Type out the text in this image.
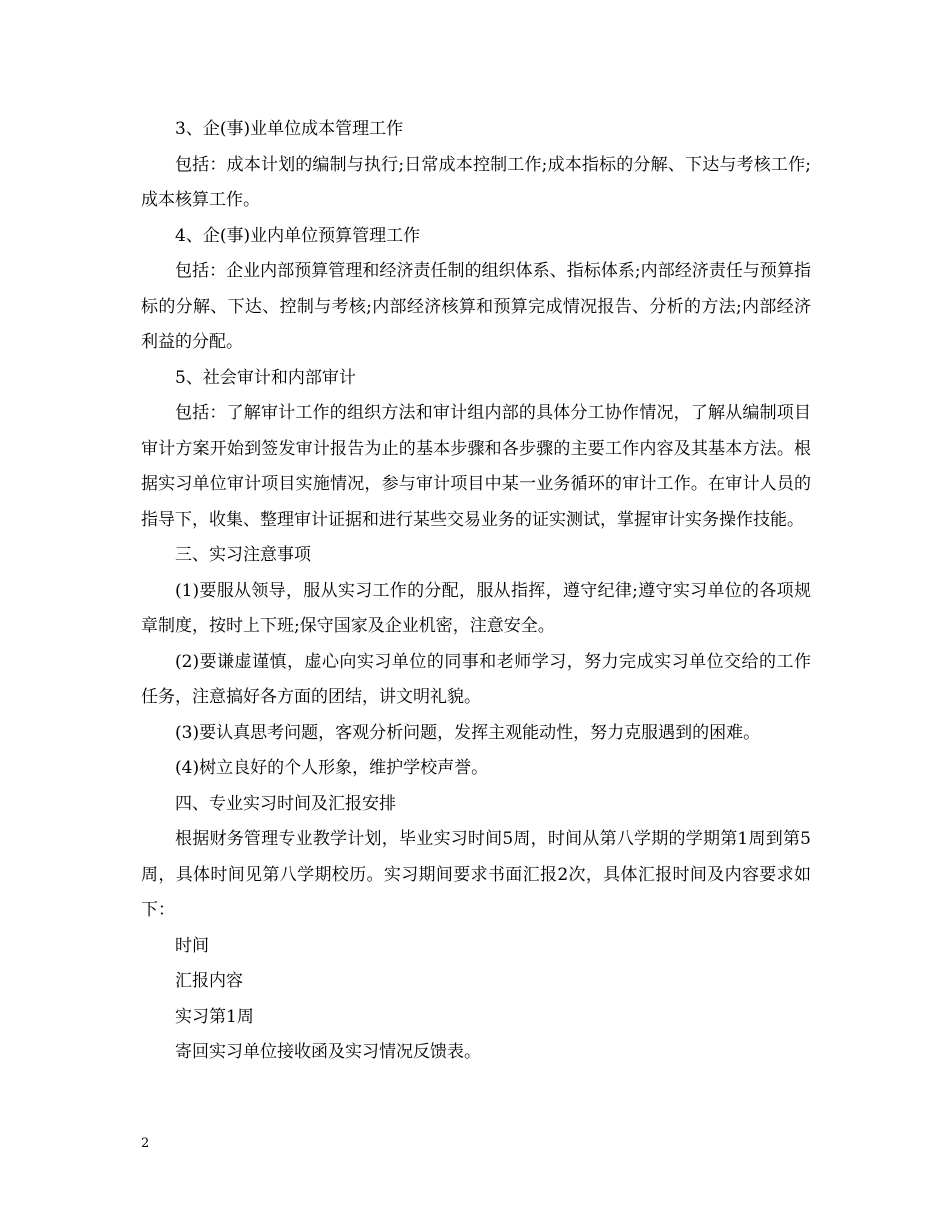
3、企(事)业单位成本管理工作

包括：成本计划的编制与执行;日常成本控制工作;成本指标的分解、下达与考核工作;成本核算工作。

4、企(事)业内单位预算管理工作

包括：企业内部预算管理和经济责任制的组织体系、指标体系;内部经济责任与预算指标的分解、下达、控制与考核;内部经济核算和预算完成情况报告、分析的方法;内部经济利益的分配。

5、社会审计和内部审计

包括：了解审计工作的组织方法和审计组内部的具体分工协作情况，了解从编制项目审计方案开始到签发审计报告为止的基本步骤和各步骤的主要工作内容及其基本方法。根据实习单位审计项目实施情况，参与审计项目中某一业务循环的审计工作。在审计人员的指导下，收集、整理审计证据和进行某些交易业务的证实测试，掌握审计实务操作技能。

三、实习注意事项

(1)要服从领导，服从实习工作的分配，服从指挥，遵守纪律;遵守实习单位的各项规章制度，按时上下班;保守国家及企业机密，注意安全。

(2)要谦虚谨慎，虚心向实习单位的同事和老师学习，努力完成实习单位交给的工作任务，注意搞好各方面的团结，讲文明礼貌。

(3)要认真思考问题，客观分析问题，发挥主观能动性，努力克服遇到的困难。

(4)树立良好的个人形象，维护学校声誉。

四、专业实习时间及汇报安排

根据财务管理专业教学计划，毕业实习时间5周，时间从第八学期的学期第1周到第5周，具体时间见第八学期校历。实习期间要求书面汇报2次，具体汇报时间及内容要求如下：

时间

汇报内容

实习第1周

寄回实习单位接收函及实习情况反馈表。

2
